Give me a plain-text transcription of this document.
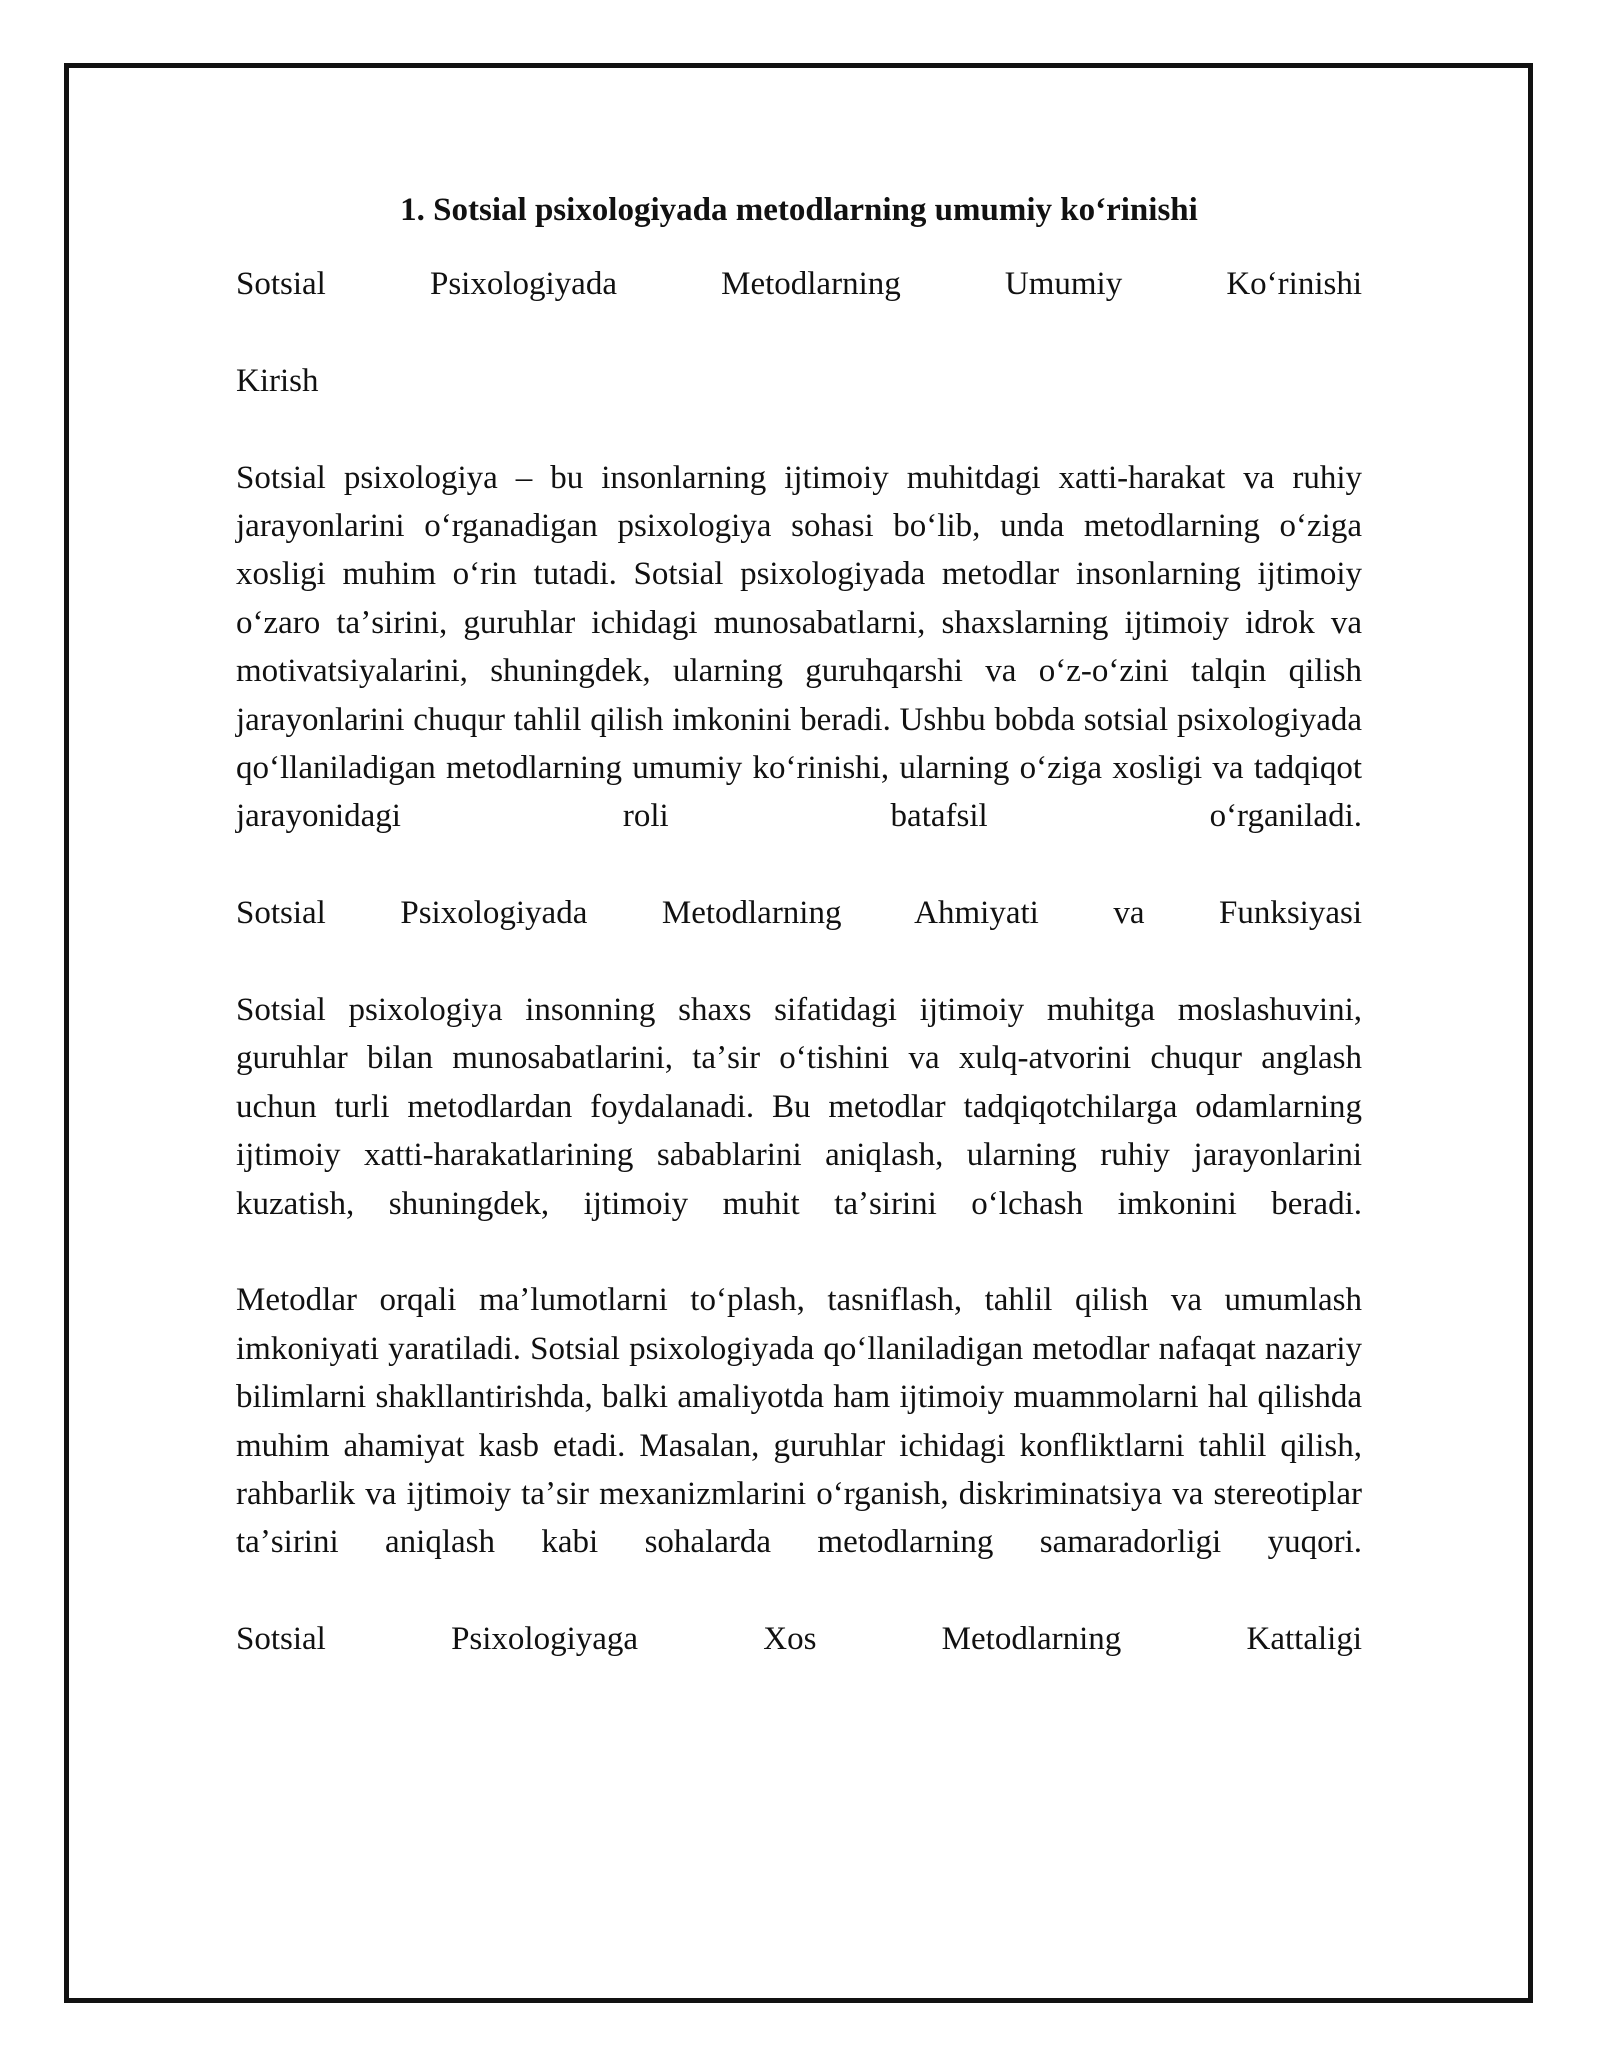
1. Sotsial psixologiyada metodlarning umumiy koʻrinishi
Sotsial Psixologiyada Metodlarning Umumiy Koʻrinishi
Kirish
Sotsial psixologiya – bu insonlarning ijtimoiy muhitdagi xatti-harakat va ruhiy jarayonlarini oʻrganadigan psixologiya sohasi boʻlib, unda metodlarning oʻziga xosligi muhim oʻrin tutadi. Sotsial psixologiyada metodlar insonlarning ijtimoiy oʻzaro taʼsirini, guruhlar ichidagi munosabatlarni, shaxslarning ijtimoiy idrok va motivatsiyalarini, shuningdek, ularning guruhqarshi va oʻz-oʻzini talqin qilish jarayonlarini chuqur tahlil qilish imkonini beradi. Ushbu bobda sotsial psixologiyada qoʻllaniladigan metodlarning umumiy koʻrinishi, ularning oʻziga xosligi va tadqiqot jarayonidagi roli batafsil oʻrganiladi.
Sotsial Psixologiyada Metodlarning Ahmiyati va Funksiyasi
Sotsial psixologiya insonning shaxs sifatidagi ijtimoiy muhitga moslashuvini, guruhlar bilan munosabatlarini, taʼsir oʻtishini va xulq-atvorini chuqur anglash uchun turli metodlardan foydalanadi. Bu metodlar tadqiqotchilarga odamlarning ijtimoiy xatti-harakatlarining sabablarini aniqlash, ularning ruhiy jarayonlarini kuzatish, shuningdek, ijtimoiy muhit taʼsirini oʻlchash imkonini beradi.
Metodlar orqali maʼlumotlarni toʻplash, tasniflash, tahlil qilish va umumlash imkoniyati yaratiladi. Sotsial psixologiyada qoʻllaniladigan metodlar nafaqat nazariy bilimlarni shakllantirishda, balki amaliyotda ham ijtimoiy muammolarni hal qilishda muhim ahamiyat kasb etadi. Masalan, guruhlar ichidagi konfliktlarni tahlil qilish, rahbarlik va ijtimoiy taʼsir mexanizmlarini oʻrganish, diskriminatsiya va stereotiplar taʼsirini aniqlash kabi sohalarda metodlarning samaradorligi yuqori.
Sotsial Psixologiyaga Xos Metodlarning Kattaligi
